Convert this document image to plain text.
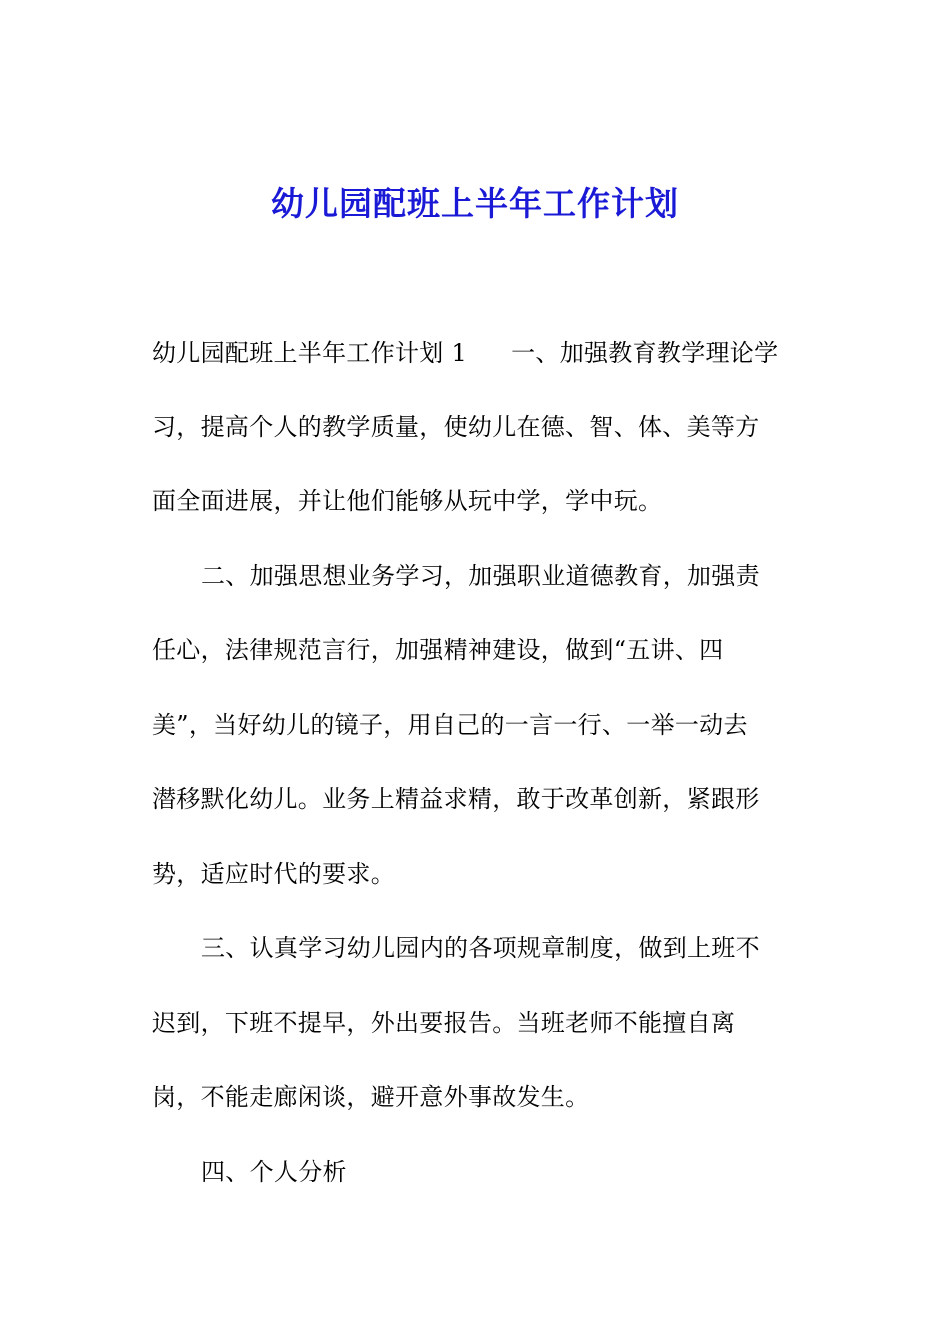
幼儿园配班上半年工作计划
幼儿园配班上半年工作计划 1 一、加强教育教学理论学
习，提高个人的教学质量，使幼儿在德、智、体、美等方
面全面进展，并让他们能够从玩中学，学中玩。
二、加强思想业务学习，加强职业道德教育，加强责
任心，法律规范言行，加强精神建设，做到“五讲、四
美”，当好幼儿的镜子，用自己的一言一行、一举一动去
潜移默化幼儿。业务上精益求精，敢于改革创新，紧跟形
势，适应时代的要求。
三、认真学习幼儿园内的各项规章制度，做到上班不
迟到，下班不提早，外出要报告。当班老师不能擅自离
岗，不能走廊闲谈，避开意外事故发生。
四、个人分析
